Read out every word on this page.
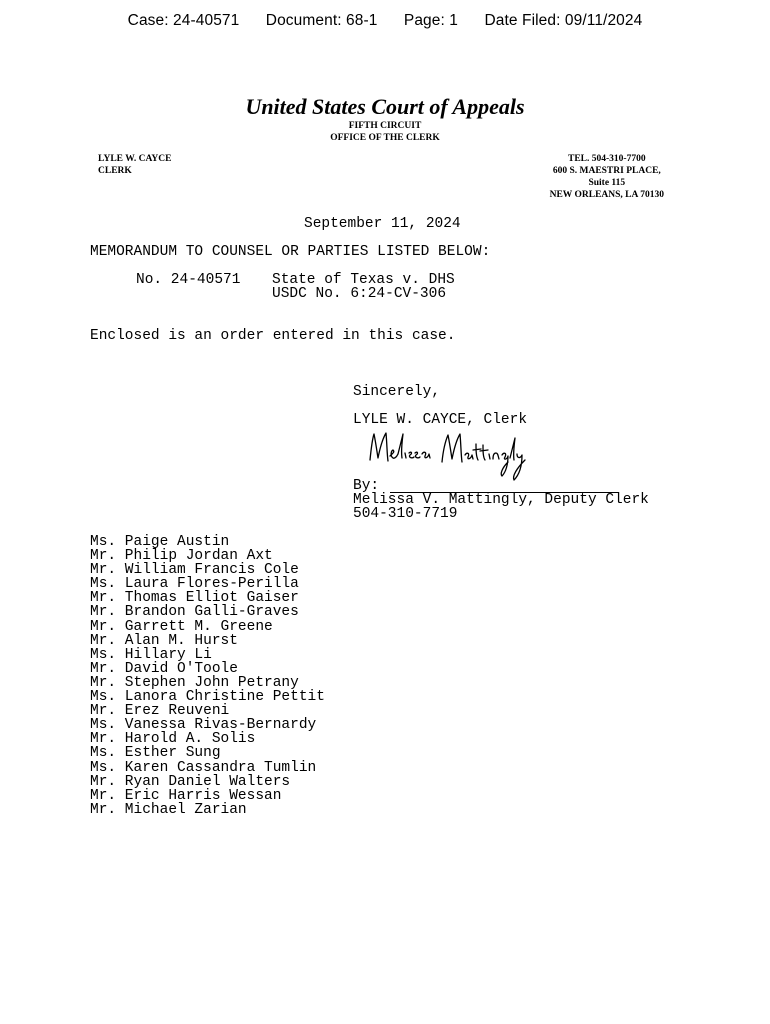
Case: 24-40571 Document: 68-1 Page: 1 Date Filed: 09/11/2024
United States Court of Appeals
FIFTH CIRCUIT
OFFICE OF THE CLERK
LYLE W. CAYCE
CLERK
TEL. 504-310-7700
600 S. MAESTRI PLACE,
Suite 115
NEW ORLEANS, LA 70130
September 11, 2024
MEMORANDUM TO COUNSEL OR PARTIES LISTED BELOW:
No. 24-40571 State of Texas v. DHS
USDC No. 6:24-CV-306
Enclosed is an order entered in this case.
Sincerely,
LYLE W. CAYCE, Clerk
By:
Melissa V. Mattingly, Deputy Clerk
504-310-7719
Ms. Paige Austin
Mr. Philip Jordan Axt
Mr. William Francis Cole
Ms. Laura Flores-Perilla
Mr. Thomas Elliot Gaiser
Mr. Brandon Galli-Graves
Mr. Garrett M. Greene
Mr. Alan M. Hurst
Ms. Hillary Li
Mr. David O'Toole
Mr. Stephen John Petrany
Ms. Lanora Christine Pettit
Mr. Erez Reuveni
Ms. Vanessa Rivas-Bernardy
Mr. Harold A. Solis
Ms. Esther Sung
Ms. Karen Cassandra Tumlin
Mr. Ryan Daniel Walters
Mr. Eric Harris Wessan
Mr. Michael Zarian
